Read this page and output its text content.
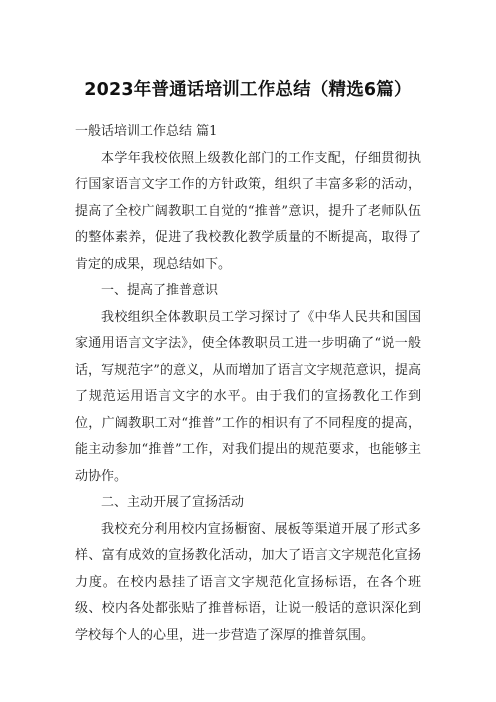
2023年普通话培训工作总结（精选6篇）

一般话培训工作总结 篇1

本学年我校依照上级教化部门的工作支配，仔细贯彻执行国家语言文字工作的方针政策，组织了丰富多彩的活动，提高了全校广阔教职工自觉的“推普”意识，提升了老师队伍的整体素养，促进了我校教化教学质量的不断提高，取得了肯定的成果，现总结如下。

一、提高了推普意识

我校组织全体教职员工学习探讨了《中华人民共和国国家通用语言文字法》，使全体教职员工进一步明确了“说一般话，写规范字”的意义，从而增加了语言文字规范意识，提高了规范运用语言文字的水平。由于我们的宣扬教化工作到位，广阔教职工对“推普”工作的相识有了不同程度的提高，能主动参加“推普”工作，对我们提出的规范要求，也能够主动协作。

二、主动开展了宣扬活动

我校充分利用校内宣扬橱窗、展板等渠道开展了形式多样、富有成效的宣扬教化活动，加大了语言文字规范化宣扬力度。在校内悬挂了语言文字规范化宣扬标语，在各个班级、校内各处都张贴了推普标语，让说一般话的意识深化到学校每个人的心里，进一步营造了深厚的推普氛围。
